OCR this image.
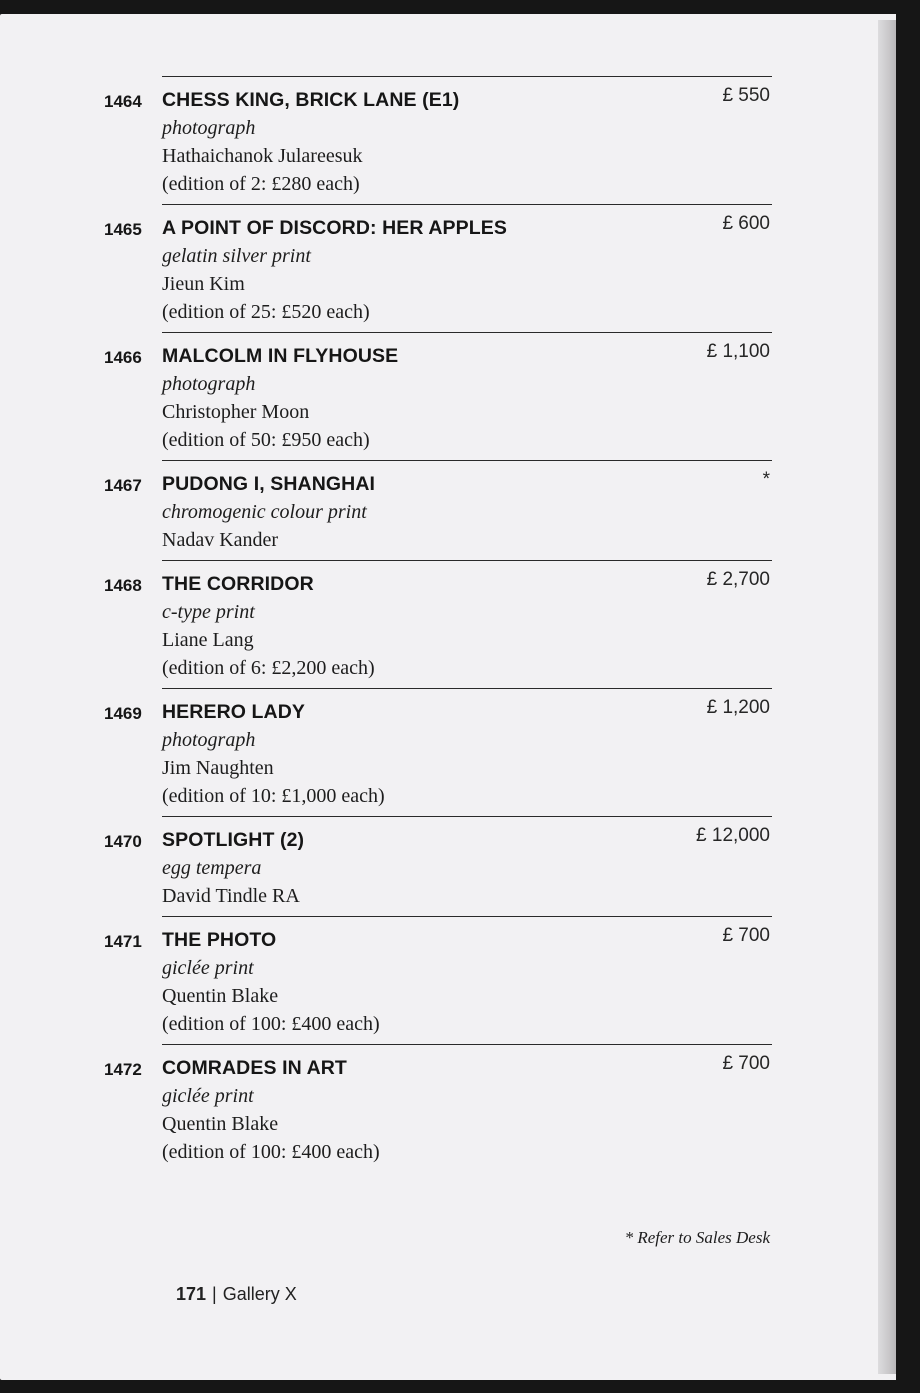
1464 CHESS KING, BRICK LANE (E1)
photograph
Hathaichanok Julareesuk
(edition of 2: £280 each)
£ 550
1465 A POINT OF DISCORD: HER APPLES
gelatin silver print
Jieun Kim
(edition of 25: £520 each)
£ 600
1466 MALCOLM IN FLYHOUSE
photograph
Christopher Moon
(edition of 50: £950 each)
£ 1,100
1467 PUDONG I, SHANGHAI
chromogenic colour print
Nadav Kander
*
1468 THE CORRIDOR
c-type print
Liane Lang
(edition of 6: £2,200 each)
£ 2,700
1469 HERERO LADY
photograph
Jim Naughten
(edition of 10: £1,000 each)
£ 1,200
1470 SPOTLIGHT (2)
egg tempera
David Tindle RA
£ 12,000
1471 THE PHOTO
giclée print
Quentin Blake
(edition of 100: £400 each)
£ 700
1472 COMRADES IN ART
giclée print
Quentin Blake
(edition of 100: £400 each)
£ 700
* Refer to Sales Desk
171 | Gallery X
